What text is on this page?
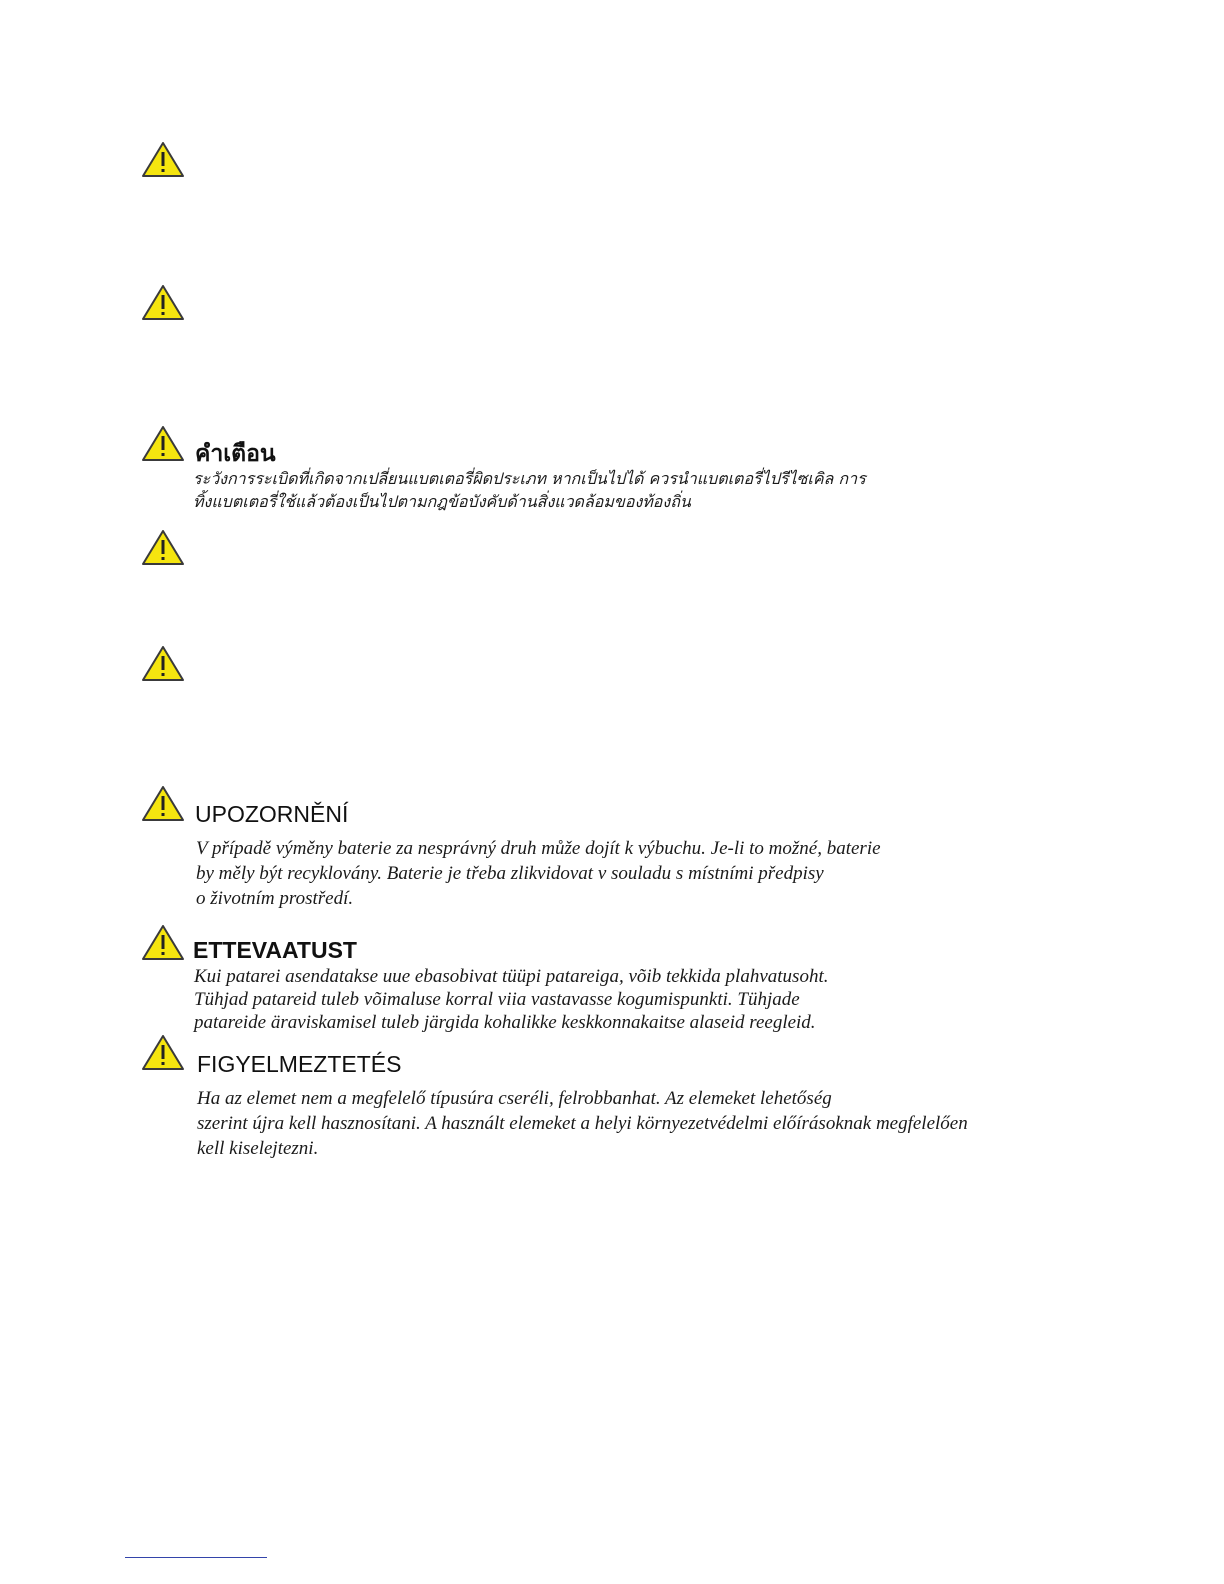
คำเตือน
ระวังการระเบิดที่เกิดจากเปลี่ยนแบตเตอรี่ผิดประเภท หากเป็นไปได้ ควรนำแบตเตอรี่ไปรีไซเคิล การ
ทิ้งแบตเตอรี่ใช้แล้วต้องเป็นไปตามกฎข้อบังคับด้านสิ่งแวดล้อมของท้องถิ่น
UPOZORNĚNÍ
V případě výměny baterie za nesprávný druh může dojít k výbuchu. Je-li to možné, baterie
by měly být recyklovány. Baterie je třeba zlikvidovat v souladu s místními předpisy
o životním prostředí.
ETTEVAATUST
Kui patarei asendatakse uue ebasobivat tüüpi patareiga, võib tekkida plahvatusoht.
Tühjad patareid tuleb võimaluse korral viia vastavasse kogumispunkti. Tühjade
patareide äraviskamisel tuleb järgida kohalikke keskkonnakaitse alaseid reegleid.
FIGYELMEZTETÉS
Ha az elemet nem a megfelelő típusúra cseréli, felrobbanhat. Az elemeket lehetőség
szerint újra kell hasznosítani. A használt elemeket a helyi környezetvédelmi előírásoknak megfelelően
kell kiselejtezni.
